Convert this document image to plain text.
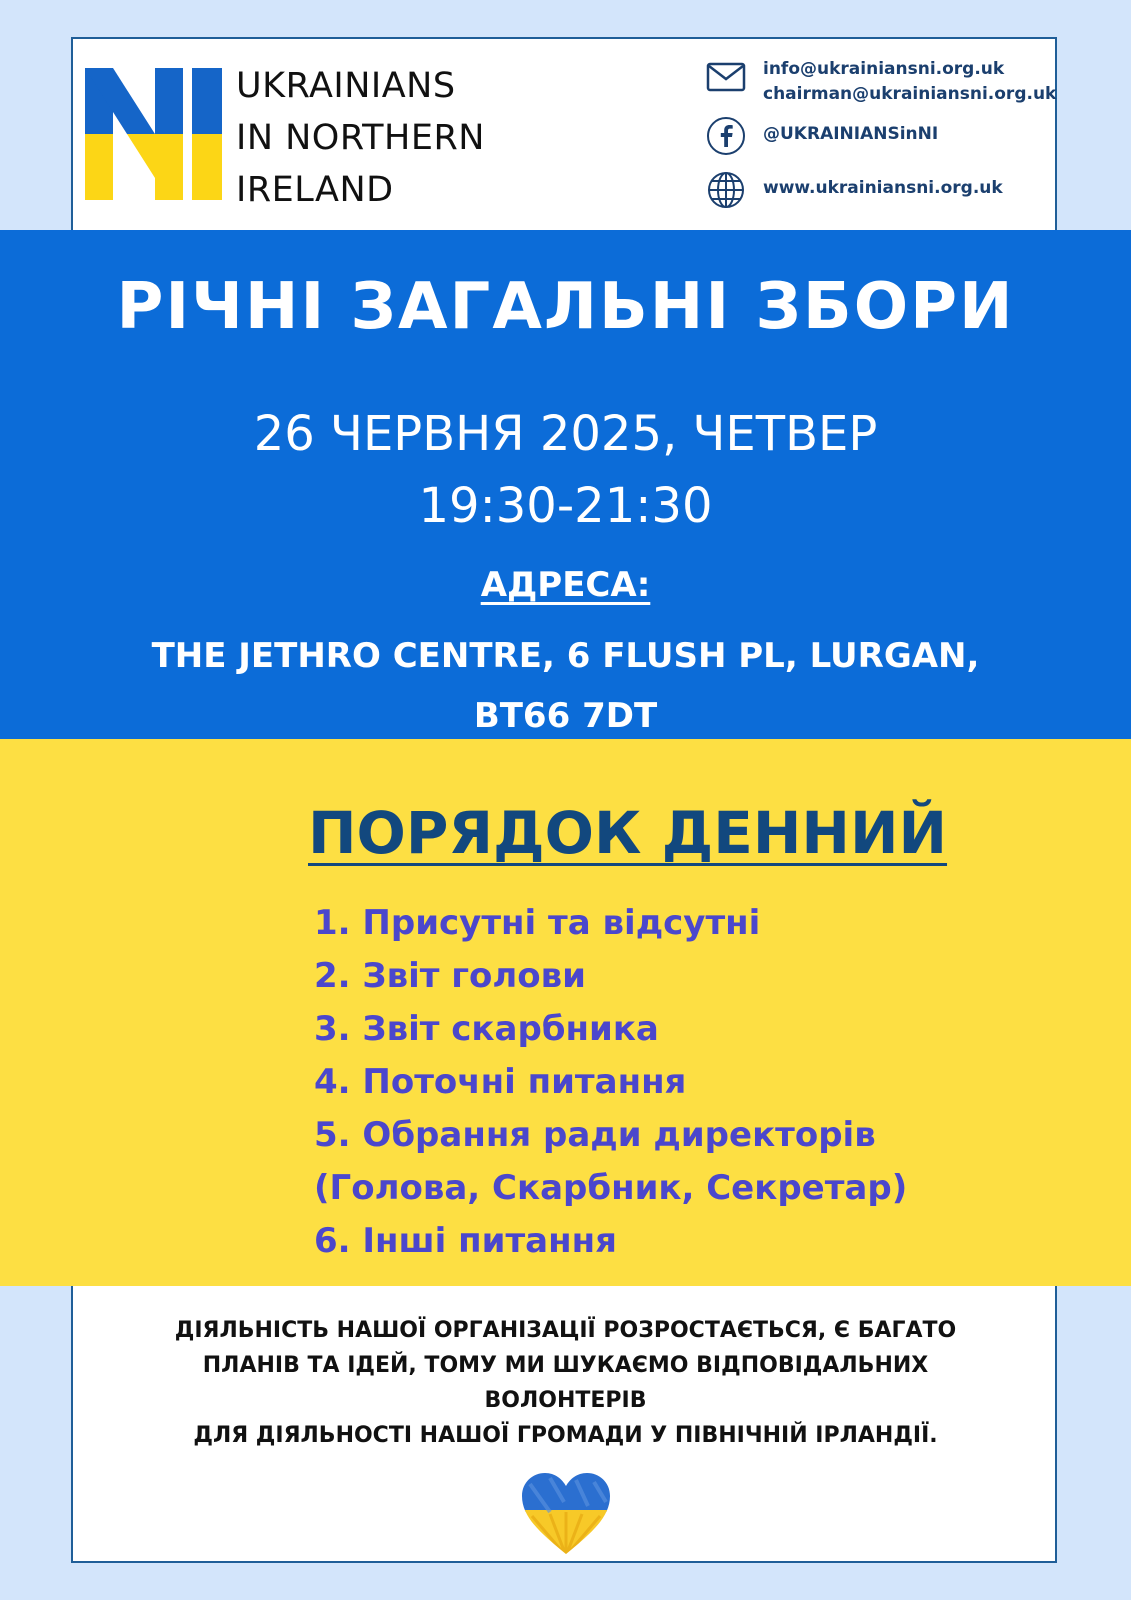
UKRAINIANS
IN NORTHERN
IRELAND
info@ukrainiansni.org.uk
chairman@ukrainiansni.org.uk
@UKRAINIANSinNI
www.ukrainiansni.org.uk
РІЧНІ ЗАГАЛЬНІ ЗБОРИ
26 ЧЕРВНЯ 2025, ЧЕТВЕР
19:30-21:30
АДРЕСА:
THE JETHRO CENTRE, 6 FLUSH PL, LURGAN,
BT66 7DT
ПОРЯДОК ДЕННИЙ
1. Присутні та відсутні
2. Звіт голови
3. Звіт скарбника
4. Поточні питання
5. Обрання ради директорів
(Голова, Скарбник, Секретар)
6. Інші питання
ДІЯЛЬНІСТЬ НАШОЇ ОРГАНІЗАЦІЇ РОЗРОСТАЄТЬСЯ, Є БАГАТО
ПЛАНІВ ТА ІДЕЙ, ТОМУ МИ ШУКАЄМО ВІДПОВІДАЛЬНИХ
ВОЛОНТЕРІВ
ДЛЯ ДІЯЛЬНОСТІ НАШОЇ ГРОМАДИ У ПІВНІЧНІЙ ІРЛАНДІЇ.
